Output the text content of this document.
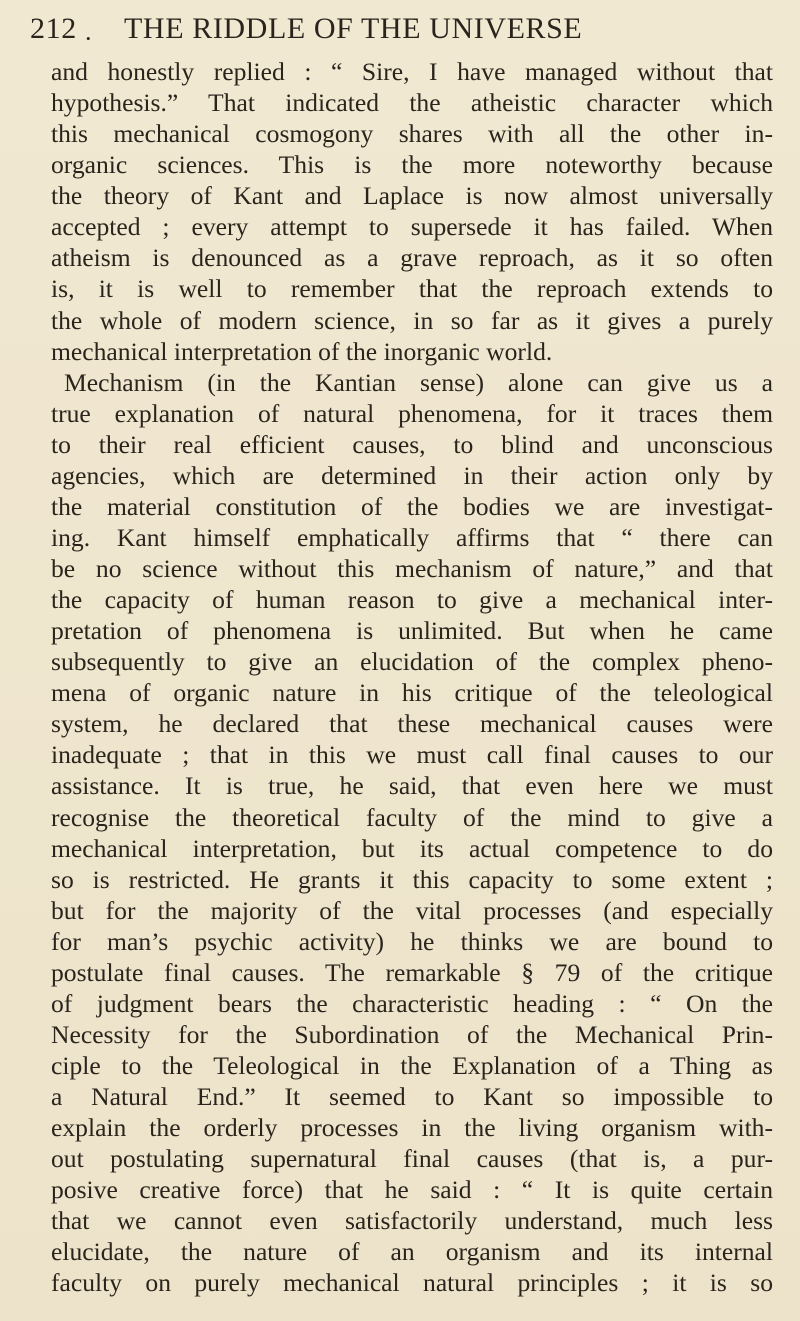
212 • THE RIDDLE OF THE UNIVERSE
and honestly replied : “ Sire, I have managed without that
hypothesis.” That indicated the atheistic character which
this mechanical cosmogony shares with all the other in-
organic sciences. This is the more noteworthy because
the theory of Kant and Laplace is now almost universally
accepted ; every attempt to supersede it has failed. When
atheism is denounced as a grave reproach, as it so often
is, it is well to remember that the reproach extends to
the whole of modern science, in so far as it gives a purely
mechanical interpretation of the inorganic world.
Mechanism (in the Kantian sense) alone can give us a
true explanation of natural phenomena, for it traces them
to their real efficient causes, to blind and unconscious
agencies, which are determined in their action only by
the material constitution of the bodies we are investigat-
ing. Kant himself emphatically affirms that “ there can
be no science without this mechanism of nature,” and that
the capacity of human reason to give a mechanical inter-
pretation of phenomena is unlimited. But when he came
subsequently to give an elucidation of the complex pheno-
mena of organic nature in his critique of the teleological
system, he declared that these mechanical causes were
inadequate ; that in this we must call final causes to our
assistance. It is true, he said, that even here we must
recognise the theoretical faculty of the mind to give a
mechanical interpretation, but its actual competence to do
so is restricted. He grants it this capacity to some extent ;
but for the majority of the vital processes (and especially
for man’s psychic activity) he thinks we are bound to
postulate final causes. The remarkable § 79 of the critique
of judgment bears the characteristic heading : “ On the
Necessity for the Subordination of the Mechanical Prin-
ciple to the Teleological in the Explanation of a Thing as
a Natural End.” It seemed to Kant so impossible to
explain the orderly processes in the living organism with-
out postulating supernatural final causes (that is, a pur-
posive creative force) that he said : “ It is quite certain
that we cannot even satisfactorily understand, much less
elucidate, the nature of an organism and its internal
faculty on purely mechanical natural principles ; it is so
